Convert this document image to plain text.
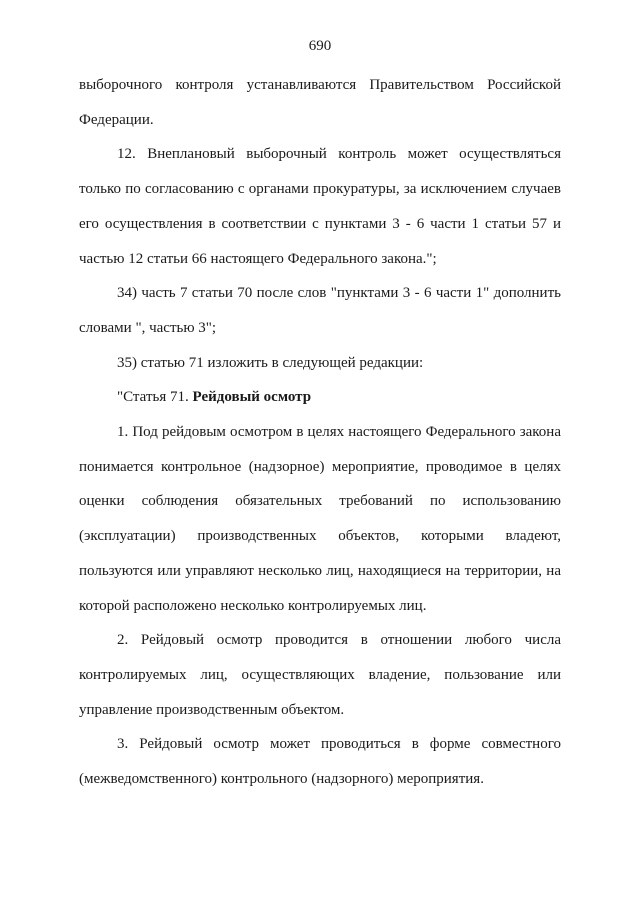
690

выборочного контроля устанавливаются Правительством Российской Федерации.

12. Внеплановый выборочный контроль может осуществляться только по согласованию с органами прокуратуры, за исключением случаев его осуществления в соответствии с пунктами 3 - 6 части 1 статьи 57 и частью 12 статьи 66 настоящего Федерального закона.";

34) часть 7 статьи 70 после слов "пунктами 3 - 6 части 1" дополнить словами ", частью 3";

35) статью 71 изложить в следующей редакции:

"Статья 71. Рейдовый осмотр

1. Под рейдовым осмотром в целях настоящего Федерального закона понимается контрольное (надзорное) мероприятие, проводимое в целях оценки соблюдения обязательных требований по использованию (эксплуатации) производственных объектов, которыми владеют, пользуются или управляют несколько лиц, находящиеся на территории, на которой расположено несколько контролируемых лиц.

2. Рейдовый осмотр проводится в отношении любого числа контролируемых лиц, осуществляющих владение, пользование или управление производственным объектом.

3. Рейдовый осмотр может проводиться в форме совместного (межведомственного) контрольного (надзорного) мероприятия.
